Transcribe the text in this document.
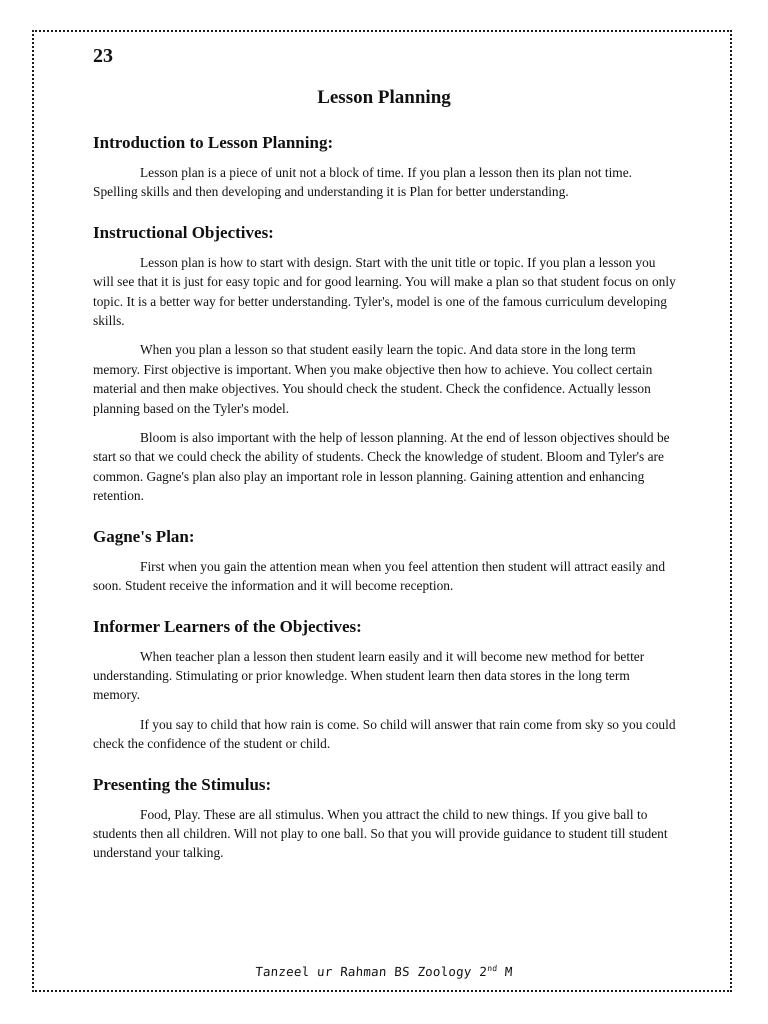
23
Lesson Planning
Introduction to Lesson Planning:

Lesson plan is a piece of unit not a block of time. If you plan a lesson then its plan not time. Spelling skills and then developing and understanding it is Plan for better understanding.

Instructional Objectives:

Lesson plan is how to start with design. Start with the unit title or topic. If you plan a lesson you will see that it is just for easy topic and for good learning. You will make a plan so that student focus on only topic. It is a better way for better understanding. Tyler's, model is one of the famous curriculum developing skills.

When you plan a lesson so that student easily learn the topic. And data store in the long term memory. First objective is important. When you make objective then how to achieve. You collect certain material and then make objectives. You should check the student. Check the confidence. Actually lesson planning based on the Tyler's model.

Bloom is also important with the help of lesson planning. At the end of lesson objectives should be start so that we could check the ability of students. Check the knowledge of student. Bloom and Tyler's are common. Gagne's plan also play an important role in lesson planning. Gaining attention and enhancing retention.

Gagne's Plan:

First when you gain the attention mean when you feel attention then student will attract easily and soon. Student receive the information and it will become reception.

Informer Learners of the Objectives:

When teacher plan a lesson then student learn easily and it will become new method for better understanding. Stimulating or prior knowledge. When student learn then data stores in the long term memory.

If you say to child that how rain is come. So child will answer that rain come from sky so you could check the confidence of the student or child.

Presenting the Stimulus:

Food, Play. These are all stimulus. When you attract the child to new things. If you give ball to students then all children. Will not play to one ball. So that you will provide guidance to student till student understand your talking.

Tanzeel ur Rahman BS Zoology 2nd M
